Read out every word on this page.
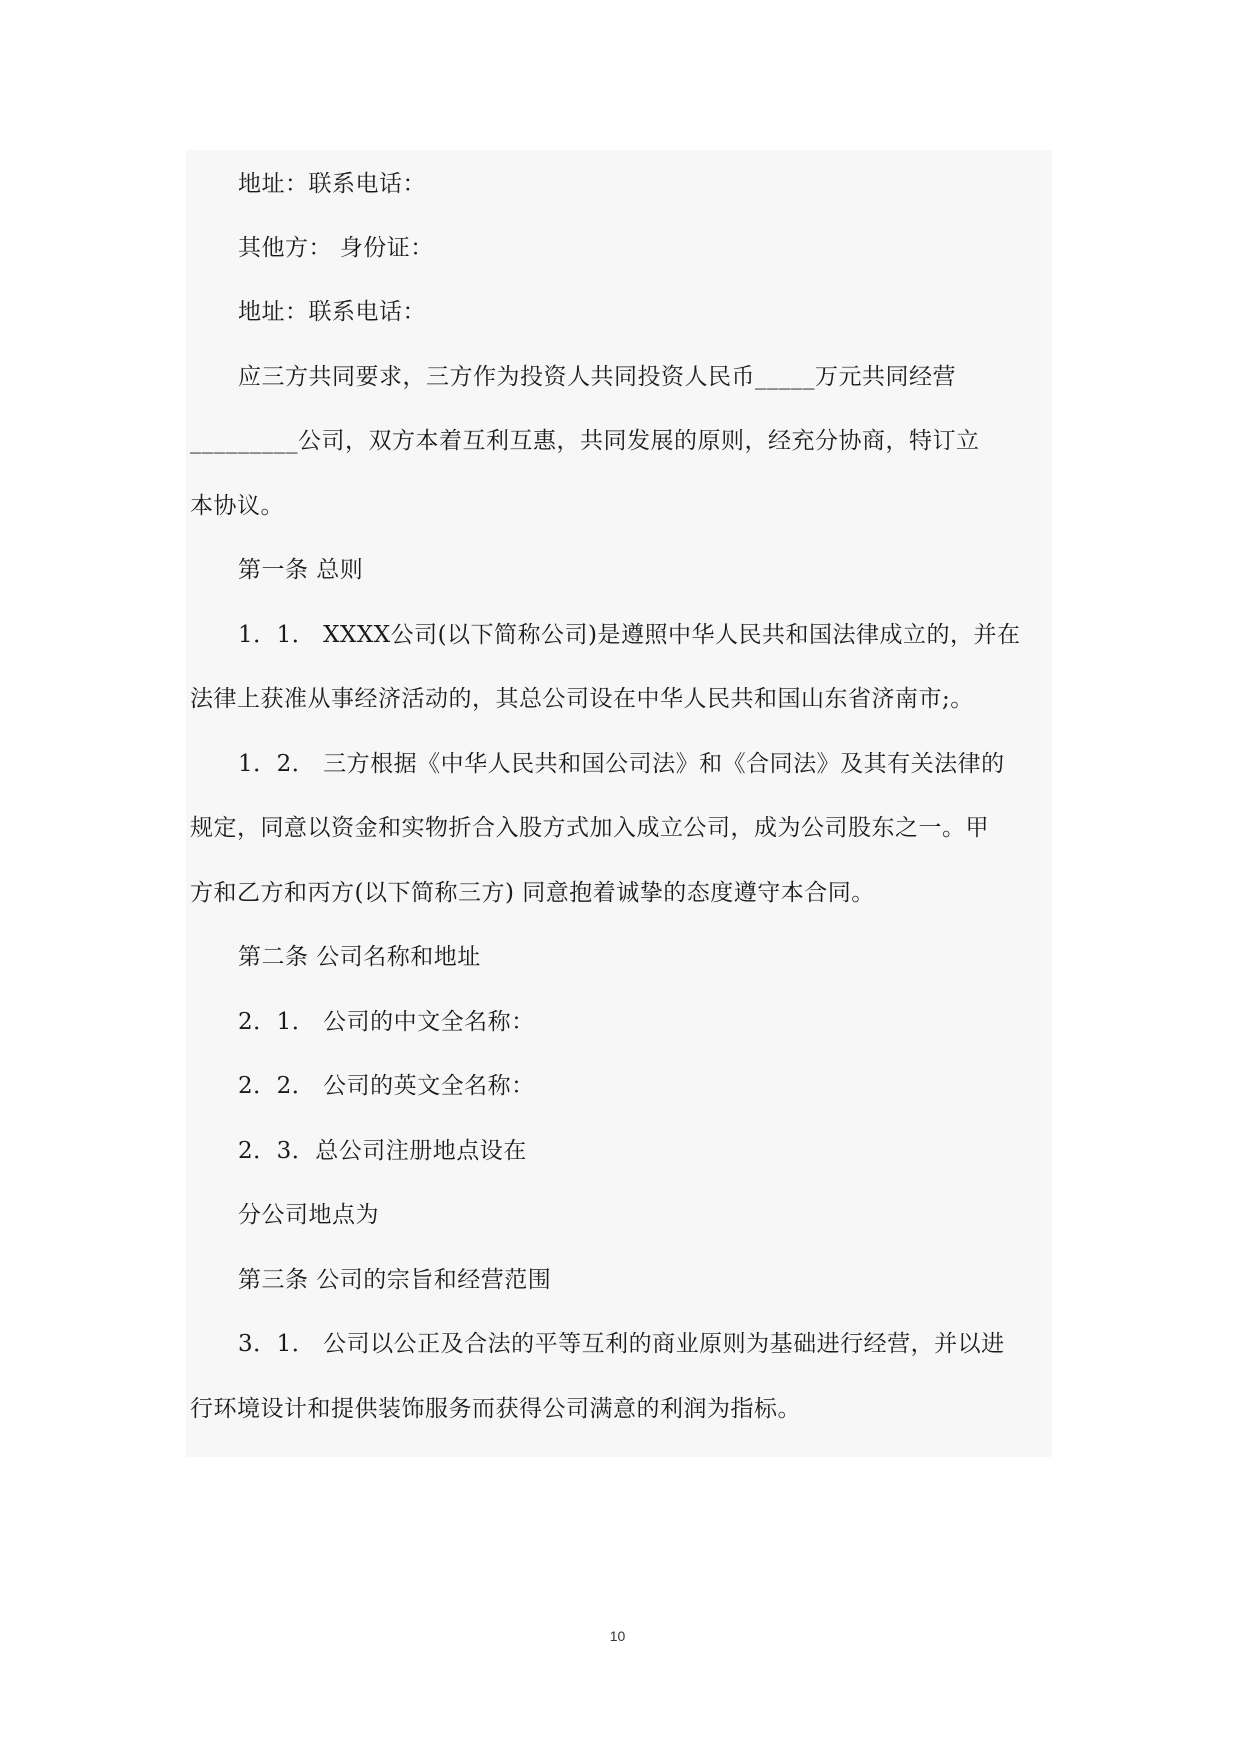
地址：联系电话：
其他方： 身份证：
地址：联系电话：
应三方共同要求，三方作为投资人共同投资人民币_____万元共同经营
_________公司，双方本着互利互惠，共同发展的原则，经充分协商，特订立
本协议。
第一条 总则
1．1． XXXX公司(以下简称公司)是遵照中华人民共和国法律成立的，并在
法律上获准从事经济活动的，其总公司设在中华人民共和国山东省济南市;。
1．2． 三方根据《中华人民共和国公司法》和《合同法》及其有关法律的
规定，同意以资金和实物折合入股方式加入成立公司，成为公司股东之一。甲
方和乙方和丙方(以下简称三方) 同意抱着诚挚的态度遵守本合同。
第二条 公司名称和地址
2．1． 公司的中文全名称：
2．2． 公司的英文全名称：
2．3．总公司注册地点设在
分公司地点为
第三条 公司的宗旨和经营范围
3．1． 公司以公正及合法的平等互利的商业原则为基础进行经营，并以进
行环境设计和提供装饰服务而获得公司满意的利润为指标。
10
